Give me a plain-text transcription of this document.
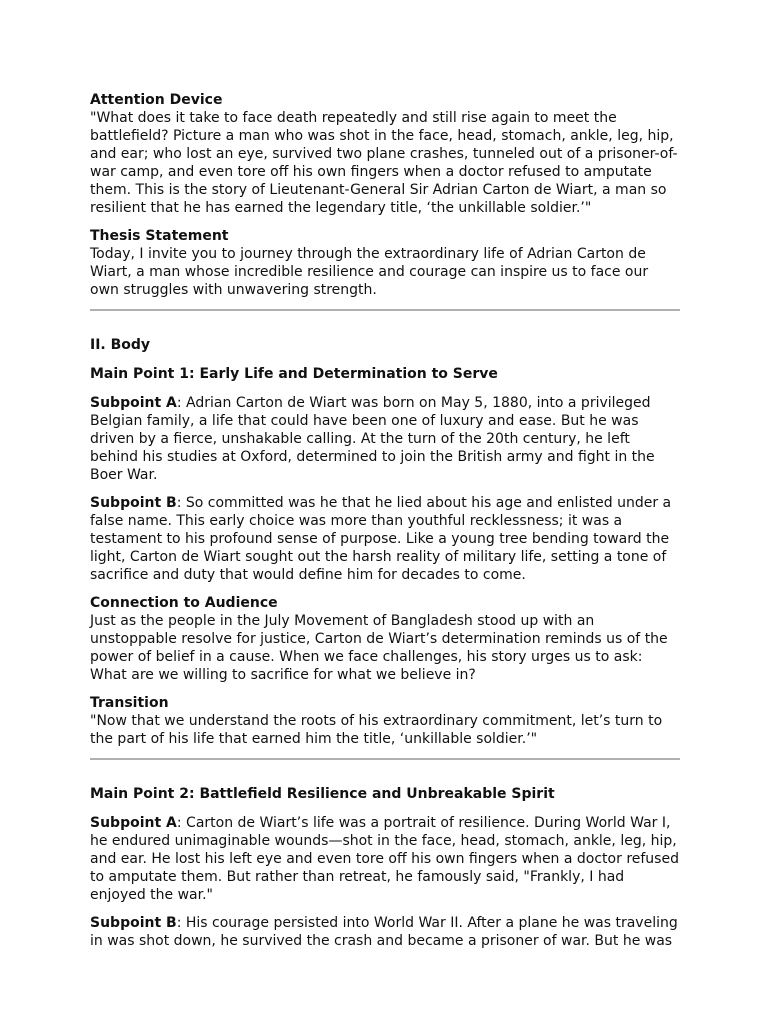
Attention Device

"What does it take to face death repeatedly and still rise again to meet the battlefield? Picture a man who was shot in the face, head, stomach, ankle, leg, hip, and ear; who lost an eye, survived two plane crashes, tunneled out of a prisoner-of-war camp, and even tore off his own fingers when a doctor refused to amputate them. This is the story of Lieutenant-General Sir Adrian Carton de Wiart, a man so resilient that he has earned the legendary title, ‘the unkillable soldier.’"

Thesis Statement

Today, I invite you to journey through the extraordinary life of Adrian Carton de Wiart, a man whose incredible resilience and courage can inspire us to face our own struggles with unwavering strength.

II. Body

Main Point 1: Early Life and Determination to Serve

Subpoint A: Adrian Carton de Wiart was born on May 5, 1880, into a privileged Belgian family, a life that could have been one of luxury and ease. But he was driven by a fierce, unshakable calling. At the turn of the 20th century, he left behind his studies at Oxford, determined to join the British army and fight in the Boer War.

Subpoint B: So committed was he that he lied about his age and enlisted under a false name. This early choice was more than youthful recklessness; it was a testament to his profound sense of purpose. Like a young tree bending toward the light, Carton de Wiart sought out the harsh reality of military life, setting a tone of sacrifice and duty that would define him for decades to come.

Connection to Audience

Just as the people in the July Movement of Bangladesh stood up with an unstoppable resolve for justice, Carton de Wiart’s determination reminds us of the power of belief in a cause. When we face challenges, his story urges us to ask: What are we willing to sacrifice for what we believe in?

Transition

"Now that we understand the roots of his extraordinary commitment, let’s turn to the part of his life that earned him the title, ‘unkillable soldier.’"

Main Point 2: Battlefield Resilience and Unbreakable Spirit

Subpoint A: Carton de Wiart’s life was a portrait of resilience. During World War I, he endured unimaginable wounds—shot in the face, head, stomach, ankle, leg, hip, and ear. He lost his left eye and even tore off his own fingers when a doctor refused to amputate them. But rather than retreat, he famously said, "Frankly, I had enjoyed the war."

Subpoint B: His courage persisted into World War II. After a plane he was traveling in was shot down, he survived the crash and became a prisoner of war. But he was
